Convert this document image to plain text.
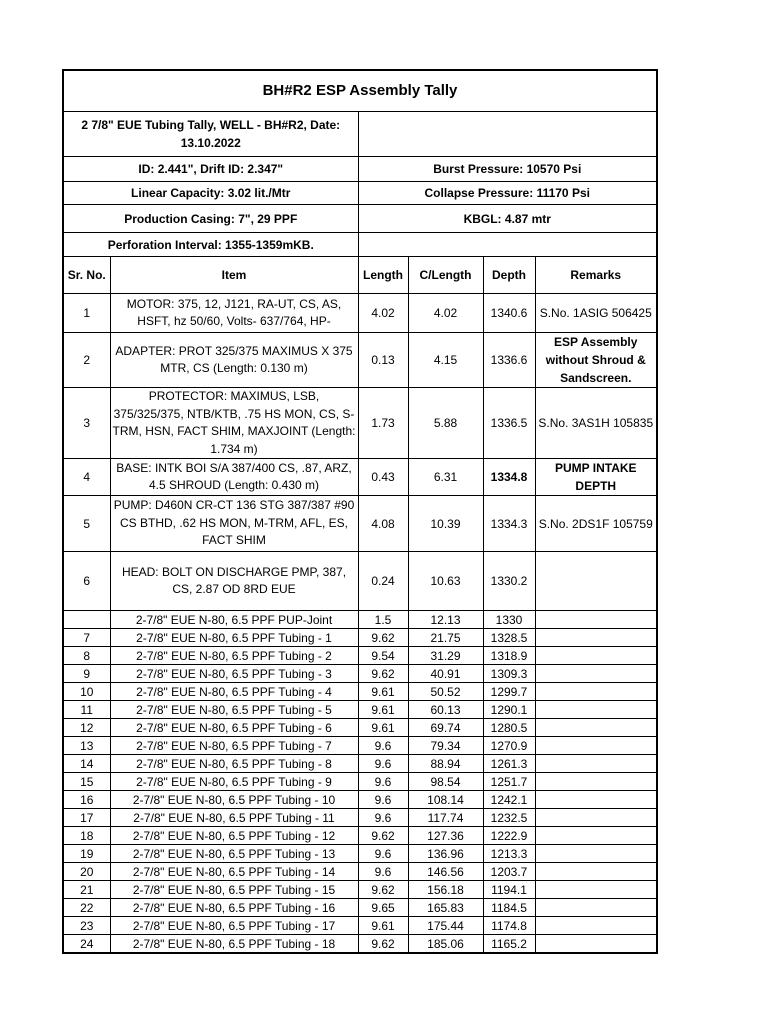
BH#R2 ESP Assembly Tally					
2 7/8" EUE Tubing Tally, WELL - BH#R2, Date: 13.10.2022					
ID: 2.441", Drift ID: 2.347"		Burst Pressure: 10570 Psi			
Linear Capacity: 3.02 lit./Mtr		Collapse Pressure: 11170 Psi			
Production Casing: 7", 29 PPF		KBGL: 4.87 mtr			
Perforation Interval: 1355-1359mKB.					
Sr. No.	Item	Length	C/Length	Depth	Remarks
1	MOTOR: 375, 12, J121, RA-UT, CS, AS, HSFT, hz 50/60, Volts- 637/764, HP-	4.02	4.02	1340.6	S.No. 1ASIG 506425
2	ADAPTER: PROT 325/375 MAXIMUS X 375 MTR, CS (Length: 0.130 m)	0.13	4.15	1336.6	ESP Assembly without Shroud & Sandscreen.
3	PROTECTOR: MAXIMUS, LSB, 375/325/375, NTB/KTB, .75 HS MON, CS, S-TRM, HSN, FACT SHIM, MAXJOINT (Length: 1.734 m)	1.73	5.88	1336.5	S.No. 3AS1H 105835
4	BASE: INTK BOI S/A 387/400 CS, .87, ARZ, 4.5 SHROUD (Length: 0.430 m)	0.43	6.31	1334.8	PUMP INTAKE DEPTH
5	PUMP: D460N CR-CT 136 STG 387/387 #90 CS BTHD, .62 HS MON, M-TRM, AFL, ES, FACT SHIM	4.08	10.39	1334.3	S.No. 2DS1F 105759
6	HEAD: BOLT ON DISCHARGE PMP, 387, CS, 2.87 OD 8RD EUE	0.24	10.63	1330.2	
	2-7/8" EUE N-80, 6.5 PPF PUP-Joint	1.5	12.13	1330	
7	2-7/8" EUE N-80, 6.5 PPF Tubing - 1	9.62	21.75	1328.5	
8	2-7/8" EUE N-80, 6.5 PPF Tubing - 2	9.54	31.29	1318.9	
9	2-7/8" EUE N-80, 6.5 PPF Tubing - 3	9.62	40.91	1309.3	
10	2-7/8" EUE N-80, 6.5 PPF Tubing - 4	9.61	50.52	1299.7	
11	2-7/8" EUE N-80, 6.5 PPF Tubing - 5	9.61	60.13	1290.1	
12	2-7/8" EUE N-80, 6.5 PPF Tubing - 6	9.61	69.74	1280.5	
13	2-7/8" EUE N-80, 6.5 PPF Tubing - 7	9.6	79.34	1270.9	
14	2-7/8" EUE N-80, 6.5 PPF Tubing - 8	9.6	88.94	1261.3	
15	2-7/8" EUE N-80, 6.5 PPF Tubing - 9	9.6	98.54	1251.7	
16	2-7/8" EUE N-80, 6.5 PPF Tubing - 10	9.6	108.14	1242.1	
17	2-7/8" EUE N-80, 6.5 PPF Tubing - 11	9.6	117.74	1232.5	
18	2-7/8" EUE N-80, 6.5 PPF Tubing - 12	9.62	127.36	1222.9	
19	2-7/8" EUE N-80, 6.5 PPF Tubing - 13	9.6	136.96	1213.3	
20	2-7/8" EUE N-80, 6.5 PPF Tubing - 14	9.6	146.56	1203.7	
21	2-7/8" EUE N-80, 6.5 PPF Tubing - 15	9.62	156.18	1194.1	
22	2-7/8" EUE N-80, 6.5 PPF Tubing - 16	9.65	165.83	1184.5	
23	2-7/8" EUE N-80, 6.5 PPF Tubing - 17	9.61	175.44	1174.8	
24	2-7/8" EUE N-80, 6.5 PPF Tubing - 18	9.62	185.06	1165.2	
